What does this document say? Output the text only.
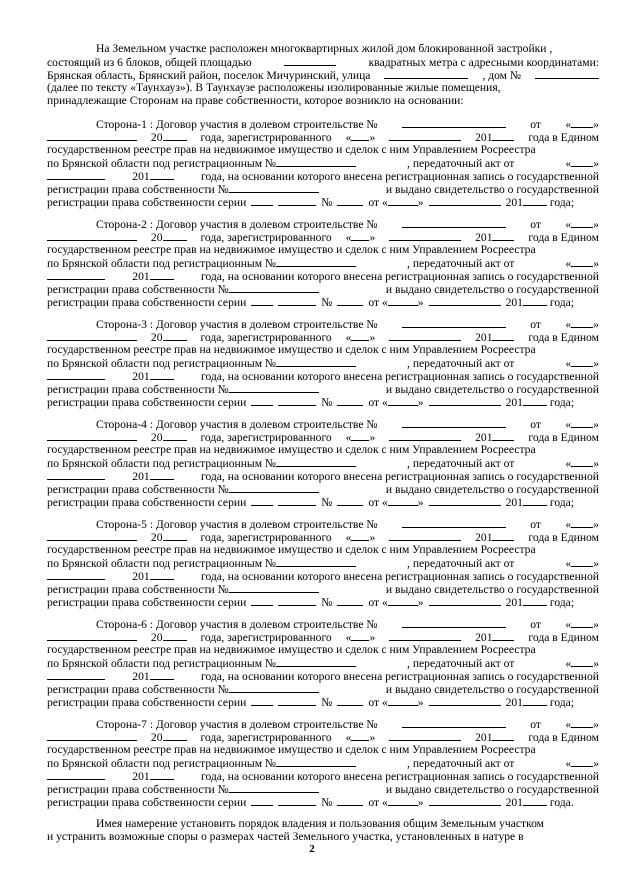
На Земельном участке расположен многоквартирных жилой дом блокированной застройки ,
состоящий из 6 блоков, общей площадью	квадратных метра с адресными координатами:
Брянская область, Брянский район, поселок Мичуринский, улица	, дом №
(далее по тексту «Таунхауз»). В Таунхаузе расположены изолированные жилые помещения,
принадлежащие Сторонам на праве собственности, которое возникло на основании:
Сторона-1 : Договор участия в долевом строительстве №	от « »
20	года, зарегистрированного « »	201	года в Едином
государственном реестре прав на недвижимое имущество и сделок с ним Управлением Росреестра
по Брянской области под регистрационным №	, передаточный акт от	« »
201	года, на основании которого внесена регистрационная запись о государственной
регистрации права собственности №	и выдано свидетельство о государственной
регистрации права собственности серии	№	от «	»	201 года;
Сторона-2 : Договор участия в долевом строительстве №	от « »
20	года, зарегистрированного « »	201	года в Едином
государственном реестре прав на недвижимое имущество и сделок с ним Управлением Росреестра
по Брянской области под регистрационным №	, передаточный акт от	« »
201	года, на основании которого внесена регистрационная запись о государственной
регистрации права собственности №	и выдано свидетельство о государственной
регистрации права собственности серии	№	от «	»	201 года;
Сторона-3 : Договор участия в долевом строительстве №	от « »
20	года, зарегистрированного « »	201	года в Едином
государственном реестре прав на недвижимое имущество и сделок с ним Управлением Росреестра
по Брянской области под регистрационным №	, передаточный акт от	« »
201	года, на основании которого внесена регистрационная запись о государственной
регистрации права собственности №	и выдано свидетельство о государственной
регистрации права собственности серии	№	от «	»	201 года;
Сторона-4 : Договор участия в долевом строительстве №	от « »
20	года, зарегистрированного « »	201	года в Едином
государственном реестре прав на недвижимое имущество и сделок с ним Управлением Росреестра
по Брянской области под регистрационным №	, передаточный акт от	« »
201	года, на основании которого внесена регистрационная запись о государственной
регистрации права собственности №	и выдано свидетельство о государственной
регистрации права собственности серии	№	от «	»	201 года;
Сторона-5 : Договор участия в долевом строительстве №	от « »
20	года, зарегистрированного « »	201	года в Едином
государственном реестре прав на недвижимое имущество и сделок с ним Управлением Росреестра
по Брянской области под регистрационным №	, передаточный акт от	« »
201	года, на основании которого внесена регистрационная запись о государственной
регистрации права собственности №	и выдано свидетельство о государственной
регистрации права собственности серии	№	от «	»	201 года;
Сторона-6 : Договор участия в долевом строительстве №	от « »
20	года, зарегистрированного « »	201	года в Едином
государственном реестре прав на недвижимое имущество и сделок с ним Управлением Росреестра
по Брянской области под регистрационным №	, передаточный акт от	« »
201	года, на основании которого внесена регистрационная запись о государственной
регистрации права собственности №	и выдано свидетельство о государственной
регистрации права собственности серии	№	от «	»	201 года;
Сторона-7 : Договор участия в долевом строительстве №	от « »
20	года, зарегистрированного « »	201	года в Едином
государственном реестре прав на недвижимое имущество и сделок с ним Управлением Росреестра
по Брянской области под регистрационным №	, передаточный акт от	« »
201	года, на основании которого внесена регистрационная запись о государственной
регистрации права собственности №	и выдано свидетельство о государственной
регистрации права собственности серии	№	от «	»	201 года.
Имея намерение установить порядок владения и пользования общим Земельным участком
и устранить возможные споры о размерах частей Земельного участка, установленных в натуре в
2
